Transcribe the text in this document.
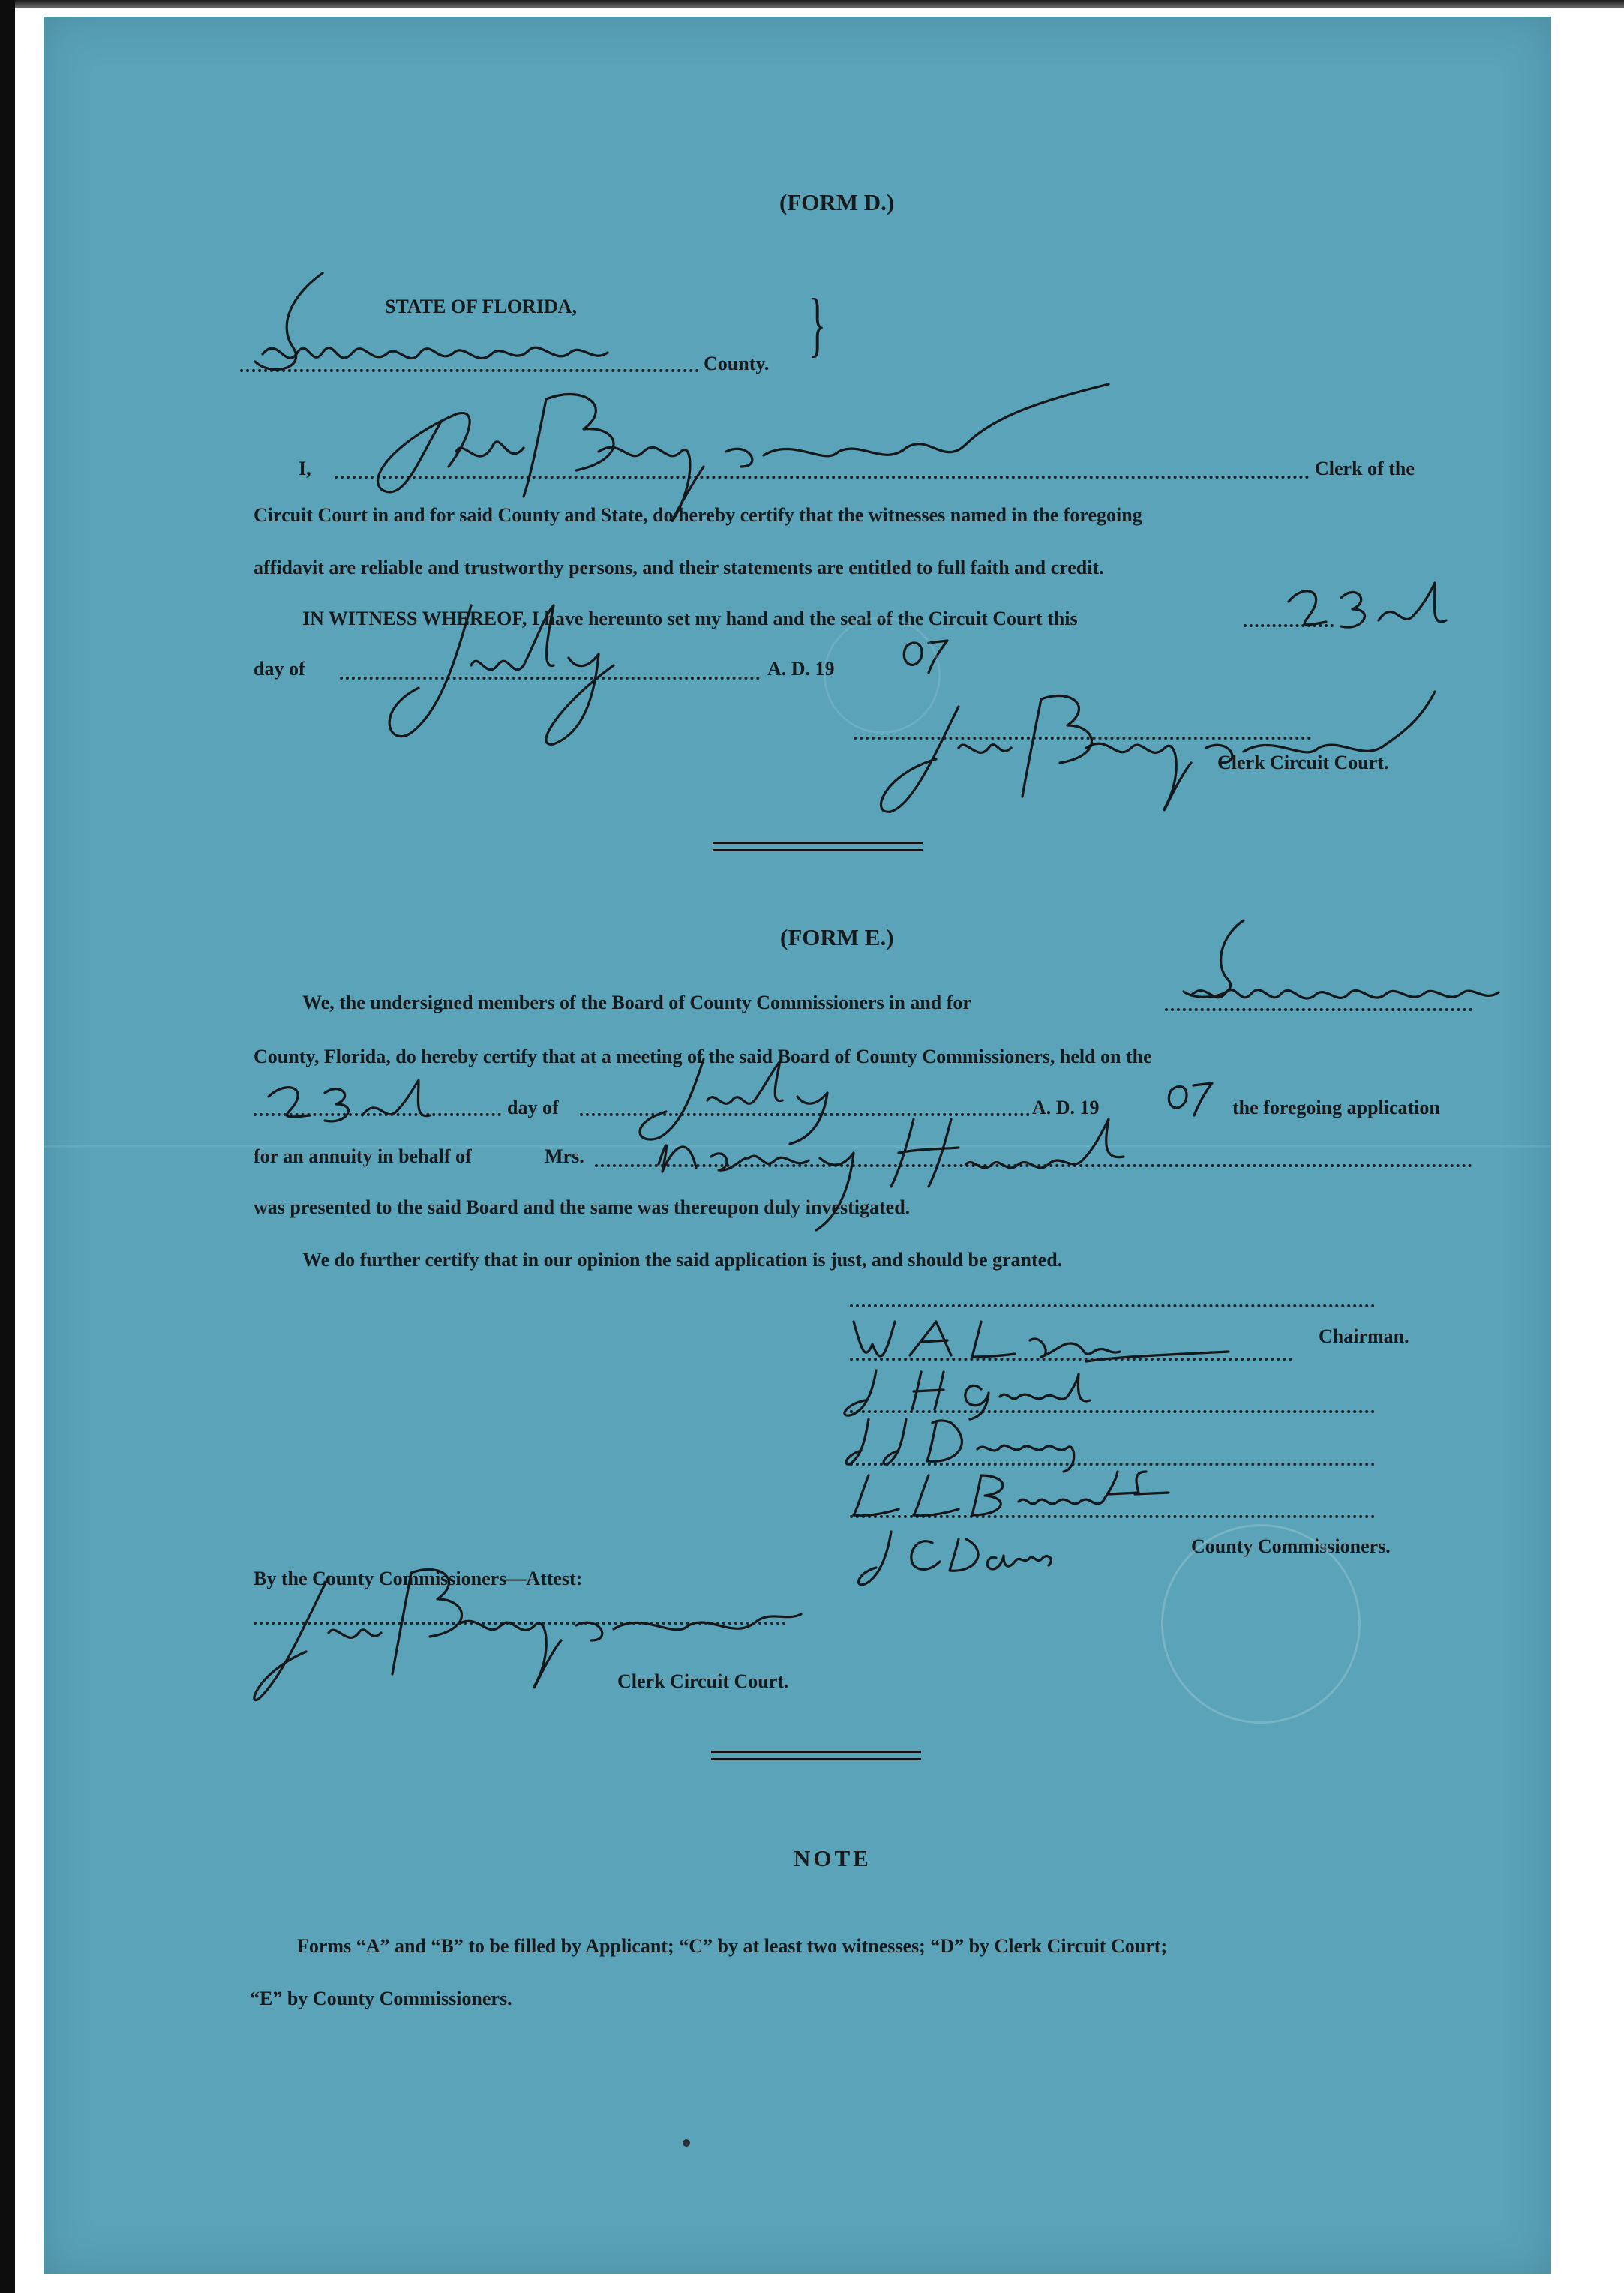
(FORM D.)
STATE OF FLORIDA,
County. }
I,	Clerk of the
Circuit Court in and for said County and State, do hereby certify that the witnesses named in the foregoing
affidavit are reliable and trustworthy persons, and their statements are entitled to full faith and credit.
IN WITNESS WHEREOF, I have hereunto set my hand and the seal of the Circuit Court this
day of	A. D. 19
Clerk Circuit Court.
(FORM E.)
We, the undersigned members of the Board of County Commissioners in and for
County, Florida, do hereby certify that at a meeting of the said Board of County Commissioners, held on the
day of	A. D. 19	the foregoing application
for an annuity in behalf of	Mrs.
was presented to the said Board and the same was thereupon duly investigated.
We do further certify that in our opinion the said application is just, and should be granted.
Chairman.
County Commissioners.
By the County Commissioners—Attest:
Clerk Circuit Court.
NOTE
Forms “A” and “B” to be filled by Applicant; “C” by at least two witnesses; “D” by Clerk Circuit Court;
“E” by County Commissioners.
